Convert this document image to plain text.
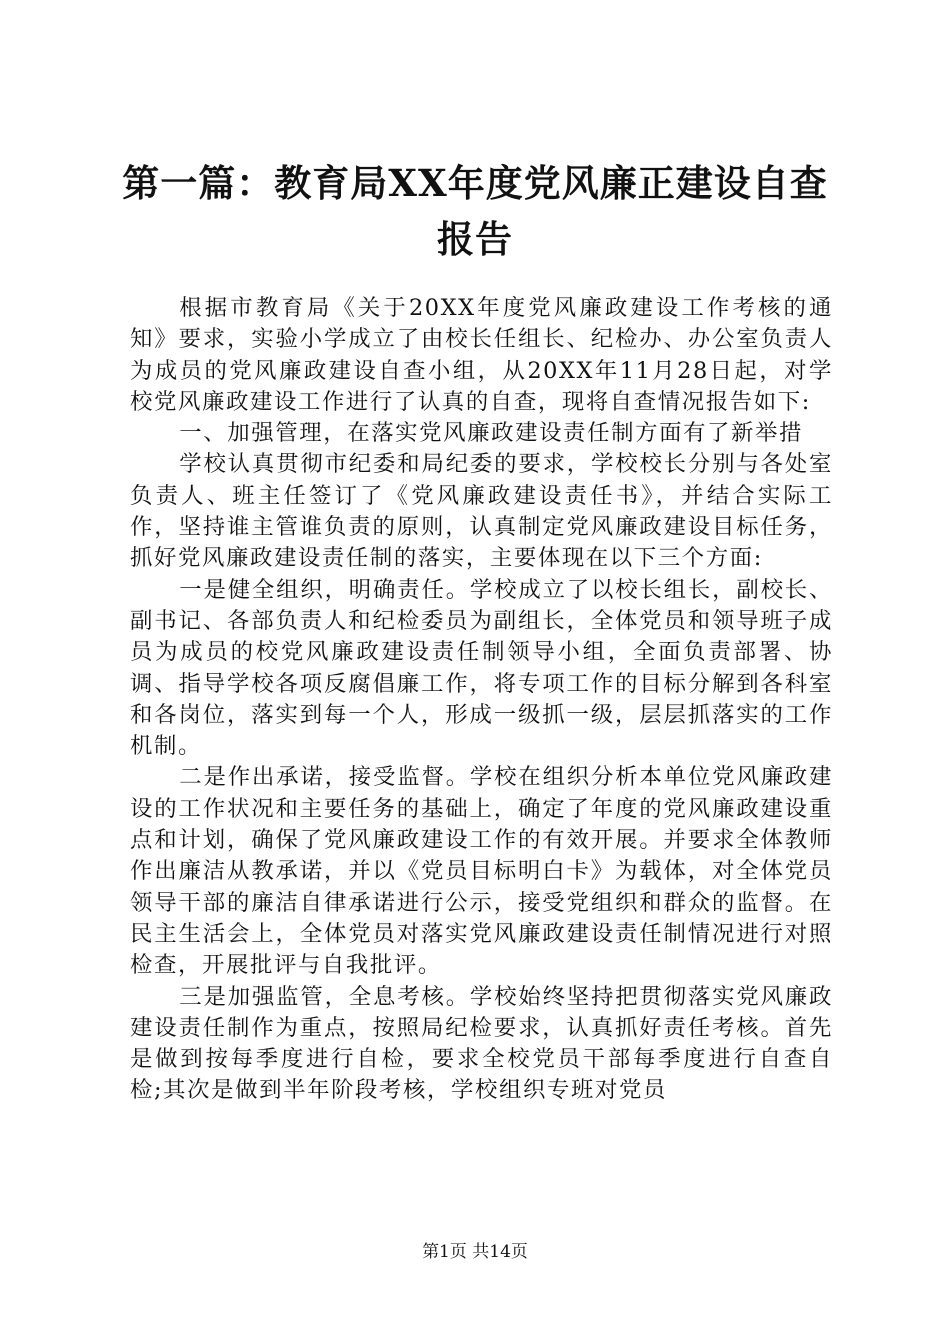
第一篇：教育局XX年度党风廉正建设自查报告

根据市教育局《关于20XX年度党风廉政建设工作考核的通知》要求，实验小学成立了由校长任组长、纪检办、办公室负责人为成员的党风廉政建设自查小组，从20XX年11月28日起，对学校党风廉政建设工作进行了认真的自查，现将自查情况报告如下:

一、加强管理，在落实党风廉政建设责任制方面有了新举措

学校认真贯彻市纪委和局纪委的要求，学校校长分别与各处室负责人、班主任签订了《党风廉政建设责任书》，并结合实际工作，坚持谁主管谁负责的原则，认真制定党风廉政建设目标任务，抓好党风廉政建设责任制的落实，主要体现在以下三个方面:

一是健全组织，明确责任。学校成立了以校长组长，副校长、副书记、各部负责人和纪检委员为副组长，全体党员和领导班子成员为成员的校党风廉政建设责任制领导小组，全面负责部署、协调、指导学校各项反腐倡廉工作，将专项工作的目标分解到各科室和各岗位，落实到每一个人，形成一级抓一级，层层抓落实的工作机制。

二是作出承诺，接受监督。学校在组织分析本单位党风廉政建设的工作状况和主要任务的基础上，确定了年度的党风廉政建设重点和计划，确保了党风廉政建设工作的有效开展。并要求全体教师作出廉洁从教承诺，并以《党员目标明白卡》为载体，对全体党员领导干部的廉洁自律承诺进行公示，接受党组织和群众的监督。在民主生活会上，全体党员对落实党风廉政建设责任制情况进行对照检查，开展批评与自我批评。

三是加强监管，全息考核。学校始终坚持把贯彻落实党风廉政建设责任制作为重点，按照局纪检要求，认真抓好责任考核。首先是做到按每季度进行自检，要求全校党员干部每季度进行自查自检;其次是做到半年阶段考核，学校组织专班对党员

第1页 共14页
